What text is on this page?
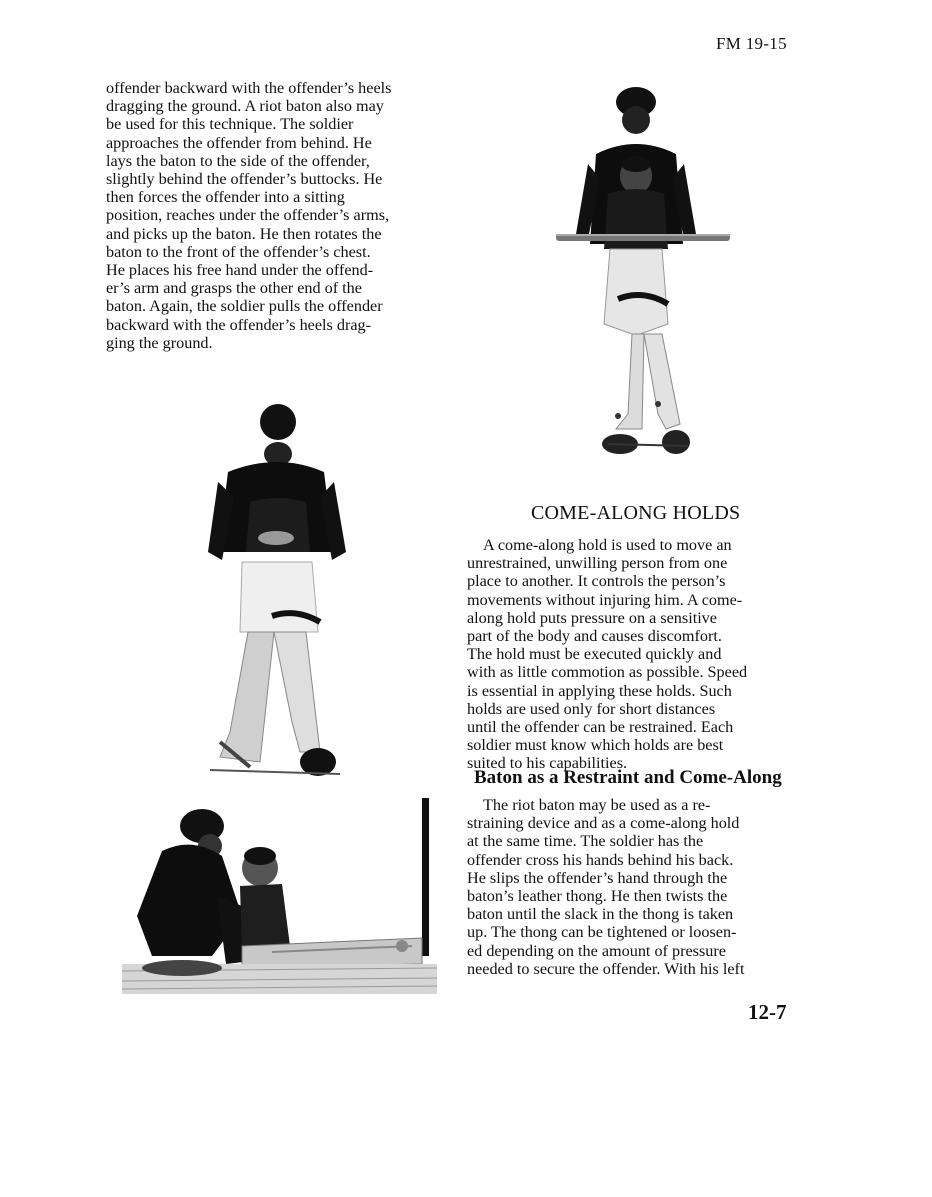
FM 19-15
offender backward with the offender’s heels
dragging the ground. A riot baton also may
be used for this technique. The soldier
approaches the offender from behind. He
lays the baton to the side of the offender,
slightly behind the offender’s buttocks. He
then forces the offender into a sitting
position, reaches under the offender’s arms,
and picks up the baton. He then rotates the
baton to the front of the offender’s chest.
He places his free hand under the offend-
er’s arm and grasps the other end of the
baton. Again, the soldier pulls the offender
backward with the offender’s heels drag-
ging the ground.
COME-ALONG HOLDS
A come-along hold is used to move an
unrestrained, unwilling person from one
place to another. It controls the person’s
movements without injuring him. A come-
along hold puts pressure on a sensitive
part of the body and causes discomfort.
The hold must be executed quickly and
with as little commotion as possible. Speed
is essential in applying these holds. Such
holds are used only for short distances
until the offender can be restrained. Each
soldier must know which holds are best
suited to his capabilities.
Baton as a Restraint and Come-Along
The riot baton may be used as a re-
straining device and as a come-along hold
at the same time. The soldier has the
offender cross his hands behind his back.
He slips the offender’s hand through the
baton’s leather thong. He then twists the
baton until the slack in the thong is taken
up. The thong can be tightened or loosen-
ed depending on the amount of pressure
needed to secure the offender. With his left
12-7
